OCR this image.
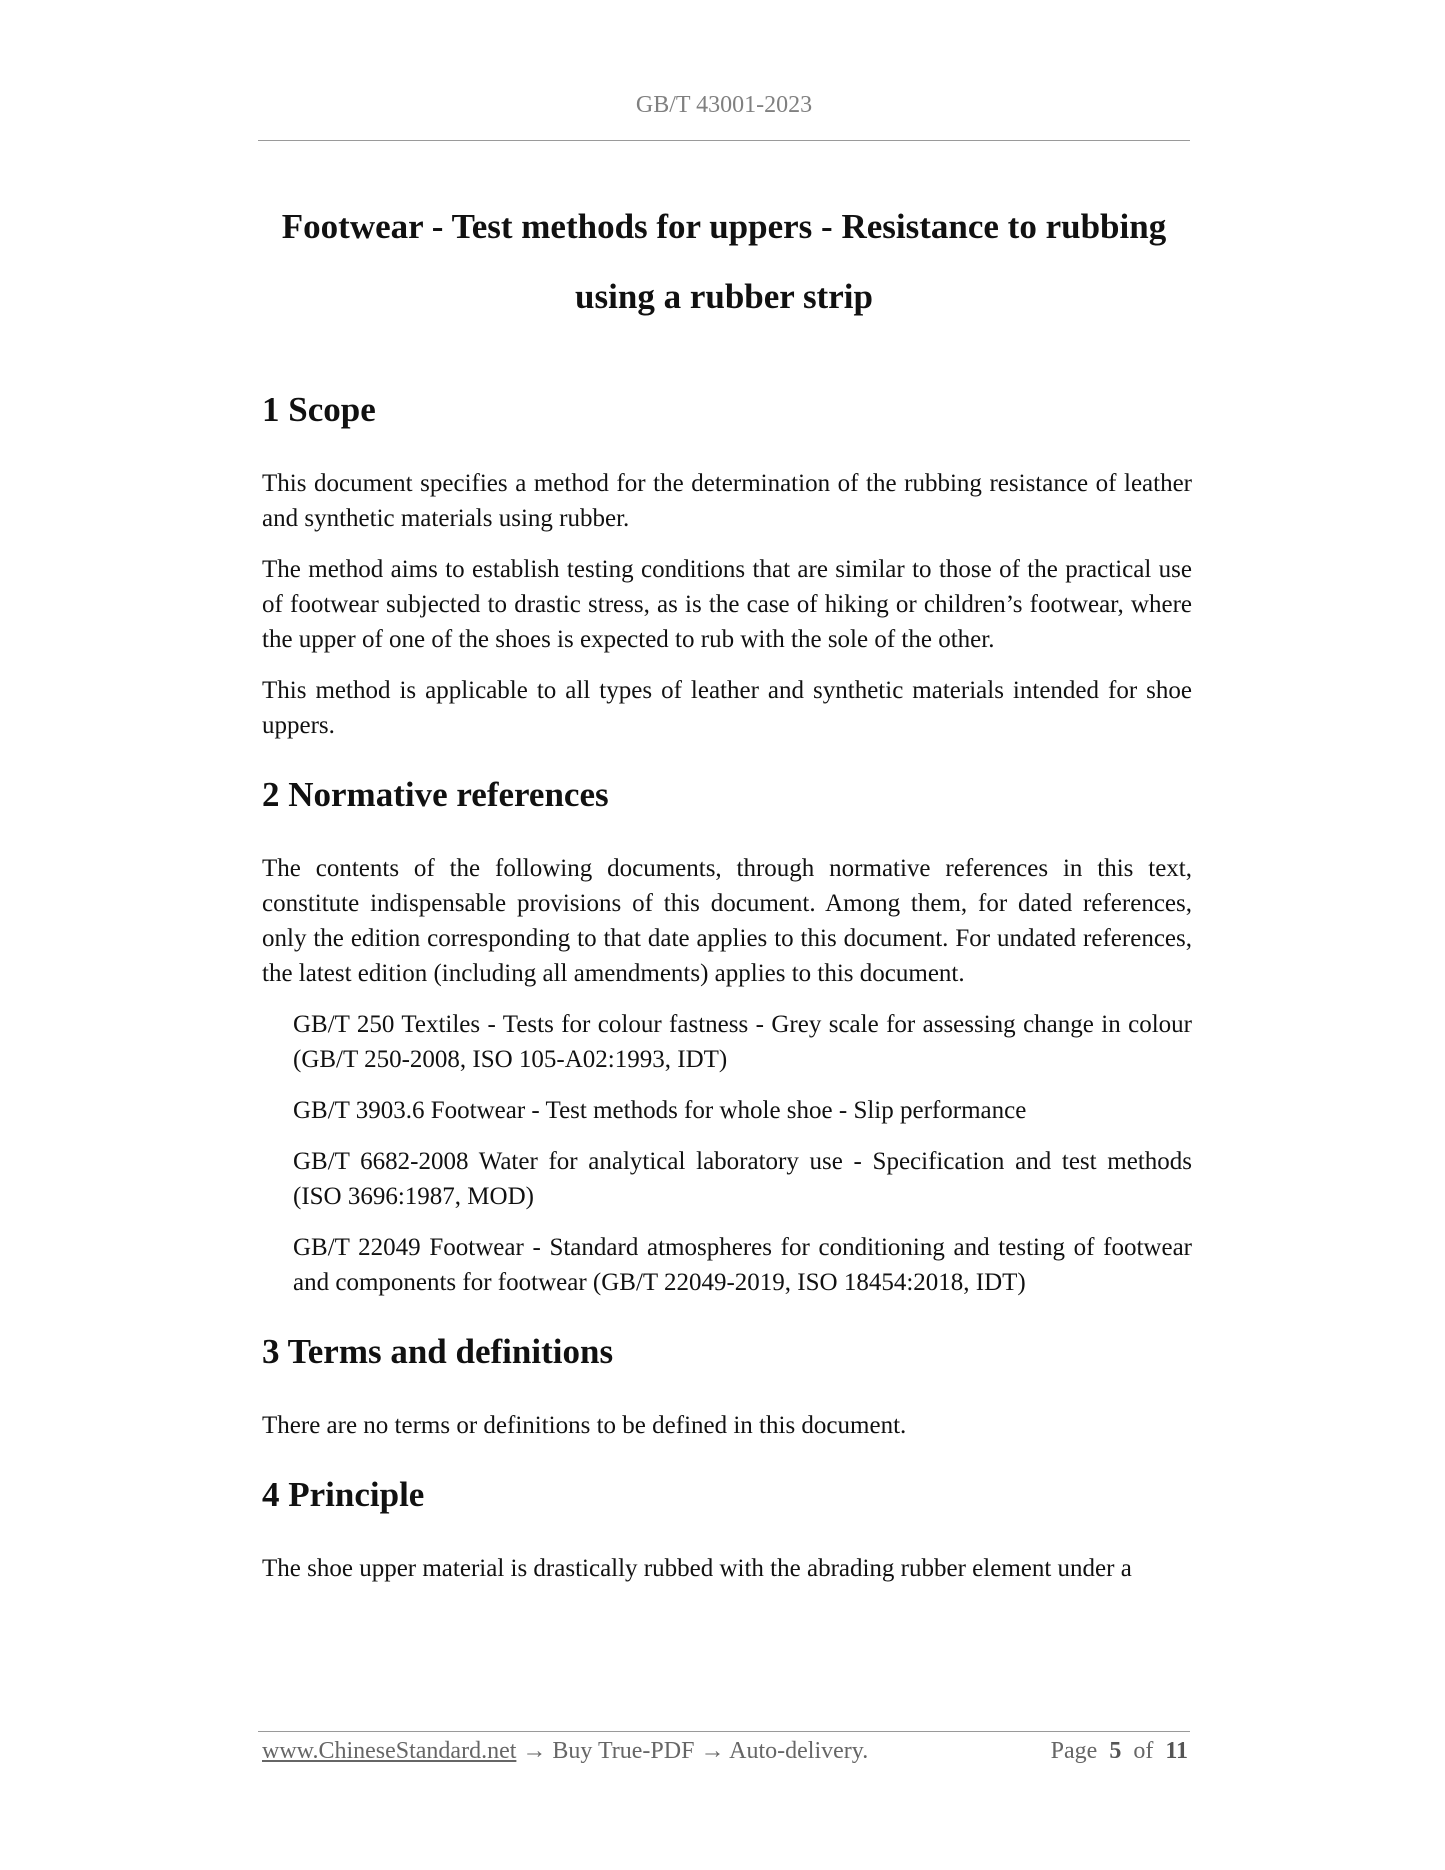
GB/T 43001-2023
Footwear - Test methods for uppers - Resistance to rubbing
using a rubber strip
1 Scope

This document specifies a method for the determination of the rubbing resistance of leather and synthetic materials using rubber.

The method aims to establish testing conditions that are similar to those of the practical use of footwear subjected to drastic stress, as is the case of hiking or children’s footwear, where the upper of one of the shoes is expected to rub with the sole of the other.

This method is applicable to all types of leather and synthetic materials intended for shoe uppers.

2 Normative references

The contents of the following documents, through normative references in this text, constitute indispensable provisions of this document. Among them, for dated references, only the edition corresponding to that date applies to this document. For undated references, the latest edition (including all amendments) applies to this document.

GB/T 250 Textiles - Tests for colour fastness - Grey scale for assessing change in colour (GB/T 250-2008, ISO 105-A02:1993, IDT)

GB/T 3903.6 Footwear - Test methods for whole shoe - Slip performance

GB/T 6682-2008 Water for analytical laboratory use - Specification and test methods (ISO 3696:1987, MOD)

GB/T 22049 Footwear - Standard atmospheres for conditioning and testing of footwear and components for footwear (GB/T 22049-2019, ISO 18454:2018, IDT)

3 Terms and definitions

There are no terms or definitions to be defined in this document.

4 Principle

The shoe upper material is drastically rubbed with the abrading rubber element under a

www.ChineseStandard.net → Buy True-PDF → Auto-delivery.	Page 5 of 11
